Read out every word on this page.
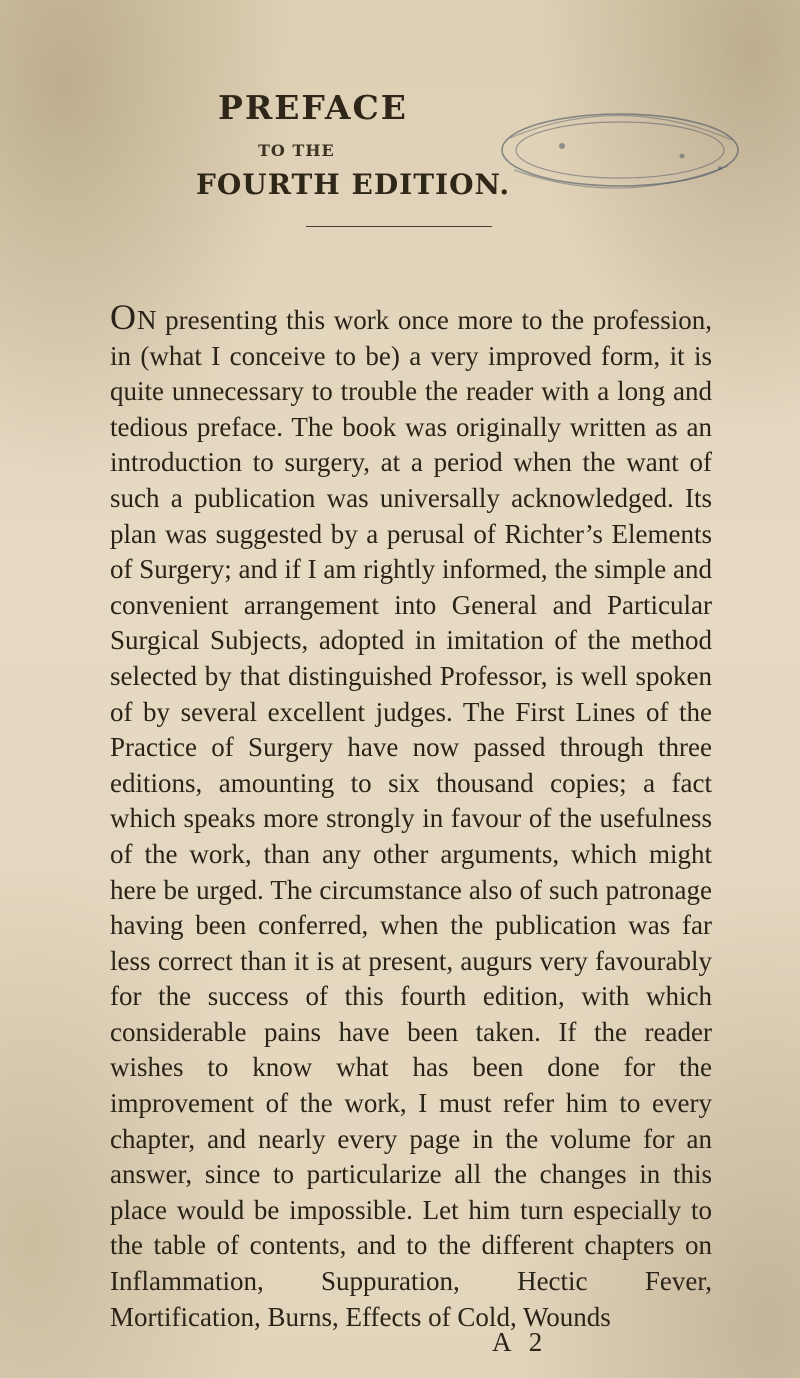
PREFACE
TO THE
FOURTH EDITION.

ON presenting this work once more to the profession, in (what I conceive to be) a very improved form, it is quite unnecessary to trouble the reader with a long and tedious preface. The book was originally written as an introduction to surgery, at a period when the want of such a publication was universally acknowledged. Its plan was suggested by a perusal of Richter’s Elements of Surgery; and if I am rightly informed, the simple and convenient arrangement into General and Particular Surgical Subjects, adopted in imitation of the method selected by that distinguished Professor, is well spoken of by several excellent judges. The First Lines of the Practice of Surgery have now passed through three editions, amounting to six thousand copies; a fact which speaks more strongly in favour of the usefulness of the work, than any other arguments, which might here be urged. The circumstance also of such patronage having been conferred, when the publication was far less correct than it is at present, augurs very favourably for the success of this fourth edition, with which considerable pains have been taken. If the reader wishes to know what has been done for the improvement of the work, I must refer him to every chapter, and nearly every page in the volume for an answer, since to particularize all the changes in this place would be impossible. Let him turn especially to the table of contents, and to the different chapters on Inflammation, Suppuration, Hectic Fever, Mortification, Burns, Effects of Cold, Wounds

A 2
